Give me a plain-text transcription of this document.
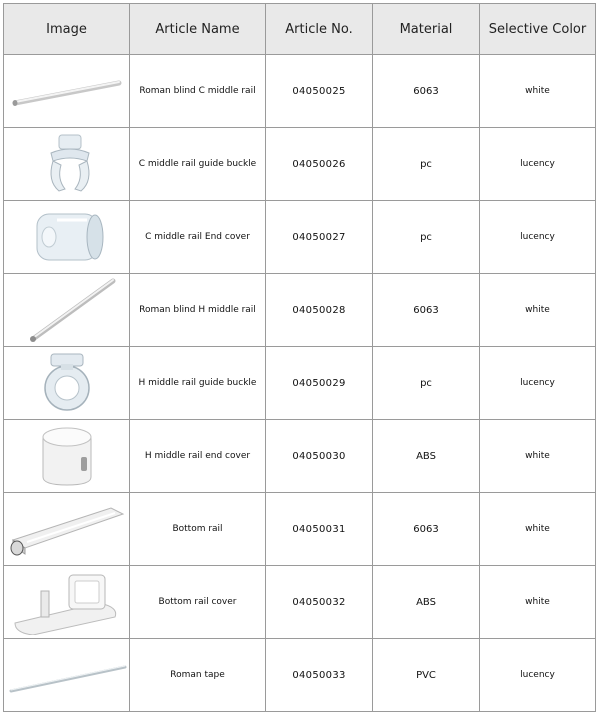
Image	Article Name	Article No.	Material	Selective Color

	Roman blind C middle rail	04050025	6063	white

	C middle rail guide buckle	04050026	pc	lucency

	C middle rail End cover	04050027	pc	lucency

	Roman blind H middle rail	04050028	6063	white

	H middle rail guide buckle	04050029	pc	lucency

	H middle rail end cover	04050030	ABS	white

	Bottom rail	04050031	6063	white

	Bottom rail cover	04050032	ABS	white

	Roman tape	04050033	PVC	lucency
